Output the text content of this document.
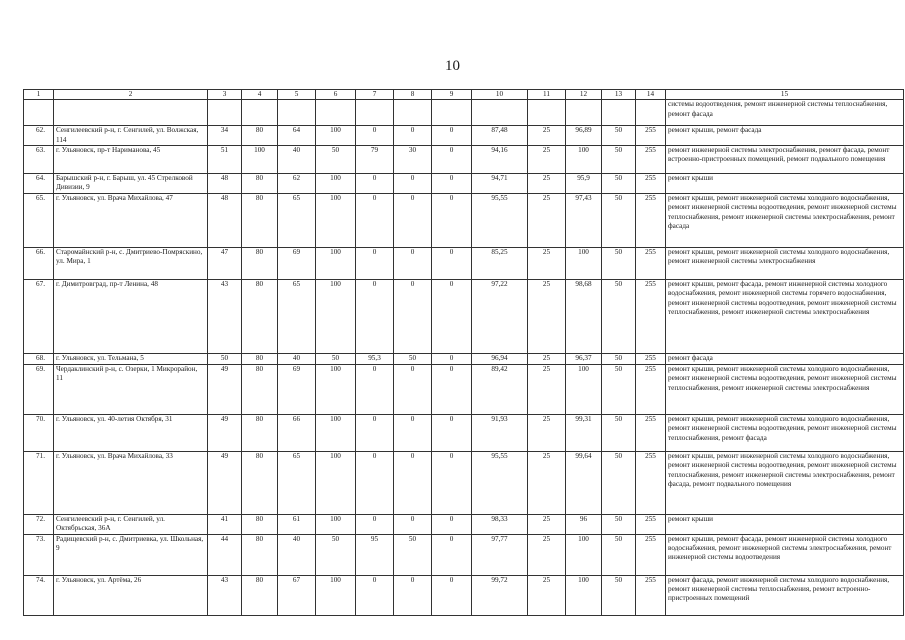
10
1	2	3	4	5	6	7	8	9	10	11	12	13	14	15
														системы водоотведения, ремонт инженерной системы теплоснабжения, ремонт фасада
62.	Сенгилеевский р-н, г. Сенгилей, ул. Волжская, 114	34	80	64	100	0	0	0	87,48	25	96,89	50	255	ремонт крыши, ремонт фасада
63.	г. Ульяновск, пр-т Нариманова, 45	51	100	40	50	79	30	0	94,16	25	100	50	255	ремонт инженерной системы электроснабжения, ремонт фасада, ремонт встроенно-пристроенных помещений, ремонт подвального помещения
64.	Барышский р-н, г. Барыш, ул. 45 Стрелковой Дивизии, 9	48	80	62	100	0	0	0	94,71	25	95,9	50	255	ремонт крыши
65.	г. Ульяновск, ул. Врача Михайлова, 47	48	80	65	100	0	0	0	95,55	25	97,43	50	255	ремонт крыши, ремонт инженерной системы холодного водоснабжения, ремонт инженерной системы водоотведения, ремонт инженерной системы теплоснабжения, ремонт инженерной системы электроснабжения, ремонт фасада
66.	Старомайнский р-н, с. Дмитриево-Помряскино, ул. Мира, 1	47	80	69	100	0	0	0	85,25	25	100	50	255	ремонт крыши, ремонт инженерной системы холодного водоснабжения, ремонт инженерной системы электроснабжения
67.	г. Димитровград, пр-т Ленина, 48	43	80	65	100	0	0	0	97,22	25	98,68	50	255	ремонт крыши, ремонт фасада, ремонт инженерной системы холодного водоснабжения, ремонт инженерной системы горячего водоснабжения, ремонт инженерной системы водоотведения, ремонт инженерной системы теплоснабжения, ремонт инженерной системы электроснабжения
68.	г. Ульяновск, ул. Тельмана, 5	50	80	40	50	95,3	50	0	96,94	25	96,37	50	255	ремонт фасада
69.	Чердаклинский р-н, с. Озерки, 1 Микрорайон, 11	49	80	69	100	0	0	0	89,42	25	100	50	255	ремонт крыши, ремонт инженерной системы холодного водоснабжения, ремонт инженерной системы водоотведения, ремонт инженерной системы теплоснабжения, ремонт инженерной системы электроснабжения
70.	г. Ульяновск, ул. 40-летия Октября, 31	49	80	66	100	0	0	0	91,93	25	99,31	50	255	ремонт крыши, ремонт инженерной системы холодного водоснабжения, ремонт инженерной системы водоотведения, ремонт инженерной системы теплоснабжения, ремонт фасада
71.	г. Ульяновск, ул. Врача Михайлова, 33	49	80	65	100	0	0	0	95,55	25	99,64	50	255	ремонт крыши, ремонт инженерной системы холодного водоснабжения, ремонт инженерной системы водоотведения, ремонт инженерной системы теплоснабжения, ремонт инженерной системы электроснабжения, ремонт фасада, ремонт подвального помещения
72.	Сенгилеевский р-н, г. Сенгилей, ул. Октябрьская, 36А	41	80	61	100	0	0	0	98,33	25	96	50	255	ремонт крыши
73.	Радищевский р-н, с. Дмитриевка, ул. Школьная, 9	44	80	40	50	95	50	0	97,77	25	100	50	255	ремонт крыши, ремонт фасада, ремонт инженерной системы холодного водоснабжения, ремонт инженерной системы электроснабжения, ремонт инженерной системы водоотведения
74.	г. Ульяновск, ул. Артёма, 26	43	80	67	100	0	0	0	99,72	25	100	50	255	ремонт фасада, ремонт инженерной системы холодного водоснабжения, ремонт инженерной системы теплоснабжения, ремонт встроенно-пристроенных помещений
